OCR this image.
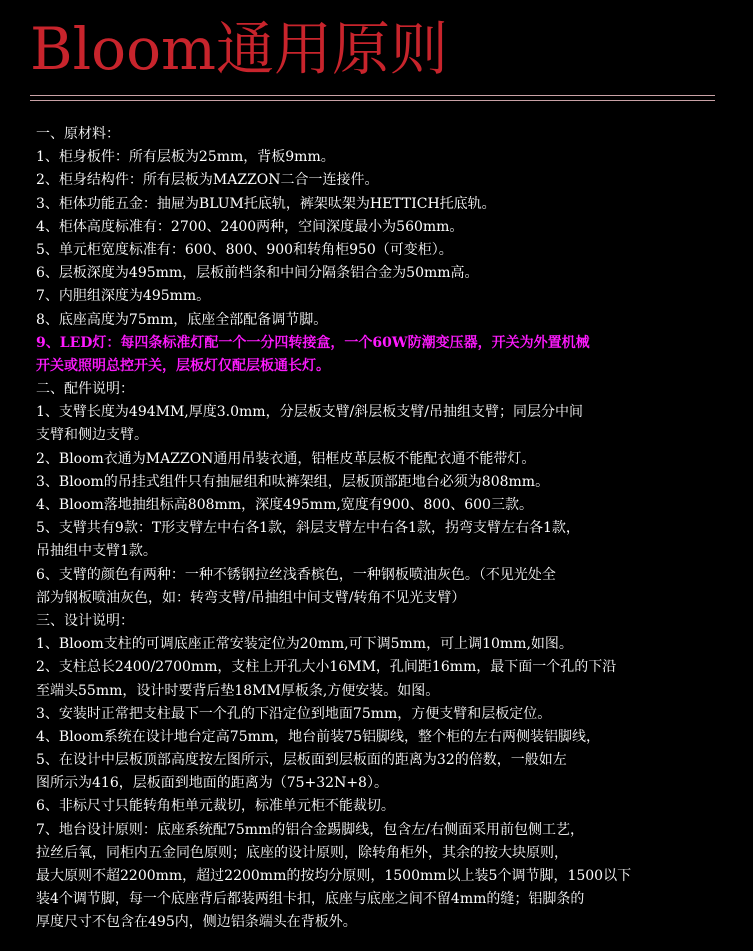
Bloom通用原则
一、原材料：
1、柜身板件：所有层板为25mm，背板9mm。
2、柜身结构件：所有层板为MAZZON二合一连接件。
3、柜体功能五金：抽屉为BLUM托底轨，裤架呔架为HETTICH托底轨。
4、柜体高度标准有：2700、2400两种，空间深度最小为560mm。
5、单元柜宽度标准有：600、800、900和转角柜950（可变柜）。
6、层板深度为495mm，层板前档条和中间分隔条铝合金为50mm高。
7、内胆组深度为495mm。
8、底座高度为75mm，底座全部配备调节脚。
9、LED灯：每四条标准灯配一个一分四转接盒，一个60W防潮变压器，开关为外置机械
开关或照明总控开关，层板灯仅配层板通长灯。
二、配件说明：
1、支臂长度为494MM,厚度3.0mm，分层板支臂/斜层板支臂/吊抽组支臂；同层分中间
支臂和侧边支臂。
2、Bloom衣通为MAZZON通用吊装衣通，铝框皮革层板不能配衣通不能带灯。
3、Bloom的吊挂式组件只有抽屉组和呔裤架组，层板顶部距地台必须为808mm。
4、Bloom落地抽组标高808mm，深度495mm,宽度有900、800、600三款。
5、支臂共有9款：T形支臂左中右各1款，斜层支臂左中右各1款，拐弯支臂左右各1款，
吊抽组中支臂1款。
6、支臂的颜色有两种：一种不锈钢拉丝浅香槟色，一种钢板喷油灰色。（不见光处全
部为钢板喷油灰色，如：转弯支臂/吊抽组中间支臂/转角不见光支臂）
三、设计说明：
1、Bloom支柱的可调底座正常安装定位为20mm,可下调5mm，可上调10mm,如图。
2、支柱总长2400/2700mm，支柱上开孔大小16MM，孔间距16mm，最下面一个孔的下沿
至端头55mm，设计时要背后垫18MM厚板条,方便安装。如图。
3、安装时正常把支柱最下一个孔的下沿定位到地面75mm，方便支臂和层板定位。
4、Bloom系统在设计地台定高75mm，地台前装75铝脚线，整个柜的左右两侧装铝脚线，
5、在设计中层板顶部高度按左图所示，层板面到层板面的距离为32的倍数，一般如左
图所示为416，层板面到地面的距离为（75+32N+8）。
6、非标尺寸只能转角柜单元裁切，标准单元柜不能裁切。
7、地台设计原则：底座系统配75mm的铝合金踢脚线，包含左/右侧面采用前包侧工艺，
拉丝后氧，同柜内五金同色原则；底座的设计原则，除转角柜外，其余的按大块原则，
最大原则不超2200mm，超过2200mm的按均分原则，1500mm以上装5个调节脚，1500以下
装4个调节脚，每一个底座背后都装两组卡扣，底座与底座之间不留4mm的缝；铝脚条的
厚度尺寸不包含在495内，侧边铝条端头在背板外。
